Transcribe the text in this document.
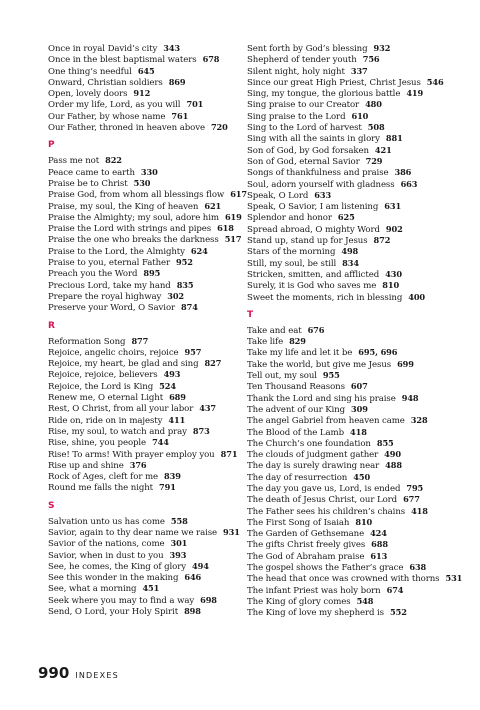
Once in royal David’s city 343
Once in the blest baptismal waters 678
One thing’s needful 645
Onward, Christian soldiers 869
Open, lovely doors 912
Order my life, Lord, as you will 701
Our Father, by whose name 761
Our Father, throned in heaven above 720
P
Pass me not 822
Peace came to earth 330
Praise be to Christ 530
Praise God, from whom all blessings flow 617
Praise, my soul, the King of heaven 621
Praise the Almighty; my soul, adore him 619
Praise the Lord with strings and pipes 618
Praise the one who breaks the darkness 517
Praise to the Lord, the Almighty 624
Praise to you, eternal Father 952
Preach you the Word 895
Precious Lord, take my hand 835
Prepare the royal highway 302
Preserve your Word, O Savior 874
R
Reformation Song 877
Rejoice, angelic choirs, rejoice 957
Rejoice, my heart, be glad and sing 827
Rejoice, rejoice, believers 493
Rejoice, the Lord is King 524
Renew me, O eternal Light 689
Rest, O Christ, from all your labor 437
Ride on, ride on in majesty 411
Rise, my soul, to watch and pray 873
Rise, shine, you people 744
Rise! To arms! With prayer employ you 871
Rise up and shine 376
Rock of Ages, cleft for me 839
Round me falls the night 791
S
Salvation unto us has come 558
Savior, again to thy dear name we raise 931
Savior of the nations, come 301
Savior, when in dust to you 393
See, he comes, the King of glory 494
See this wonder in the making 646
See, what a morning 451
Seek where you may to find a way 698
Send, O Lord, your Holy Spirit 898
Sent forth by God’s blessing 932
Shepherd of tender youth 756
Silent night, holy night 337
Since our great High Priest, Christ Jesus 546
Sing, my tongue, the glorious battle 419
Sing praise to our Creator 480
Sing praise to the Lord 610
Sing to the Lord of harvest 508
Sing with all the saints in glory 881
Son of God, by God forsaken 421
Son of God, eternal Savior 729
Songs of thankfulness and praise 386
Soul, adorn yourself with gladness 663
Speak, O Lord 633
Speak, O Savior, I am listening 631
Splendor and honor 625
Spread abroad, O mighty Word 902
Stand up, stand up for Jesus 872
Stars of the morning 498
Still, my soul, be still 834
Stricken, smitten, and afflicted 430
Surely, it is God who saves me 810
Sweet the moments, rich in blessing 400
T
Take and eat 676
Take life 829
Take my life and let it be 695, 696
Take the world, but give me Jesus 699
Tell out, my soul 955
Ten Thousand Reasons 607
Thank the Lord and sing his praise 948
The advent of our King 309
The angel Gabriel from heaven came 328
The Blood of the Lamb 418
The Church’s one foundation 855
The clouds of judgment gather 490
The day is surely drawing near 488
The day of resurrection 450
The day you gave us, Lord, is ended 795
The death of Jesus Christ, our Lord 677
The Father sees his children’s chains 418
The First Song of Isaiah 810
The Garden of Gethsemane 424
The gifts Christ freely gives 688
The God of Abraham praise 613
The gospel shows the Father’s grace 638
The head that once was crowned with thorns 531
The infant Priest was holy born 674
The King of glory comes 548
The King of love my shepherd is 552
990 INDEXES
